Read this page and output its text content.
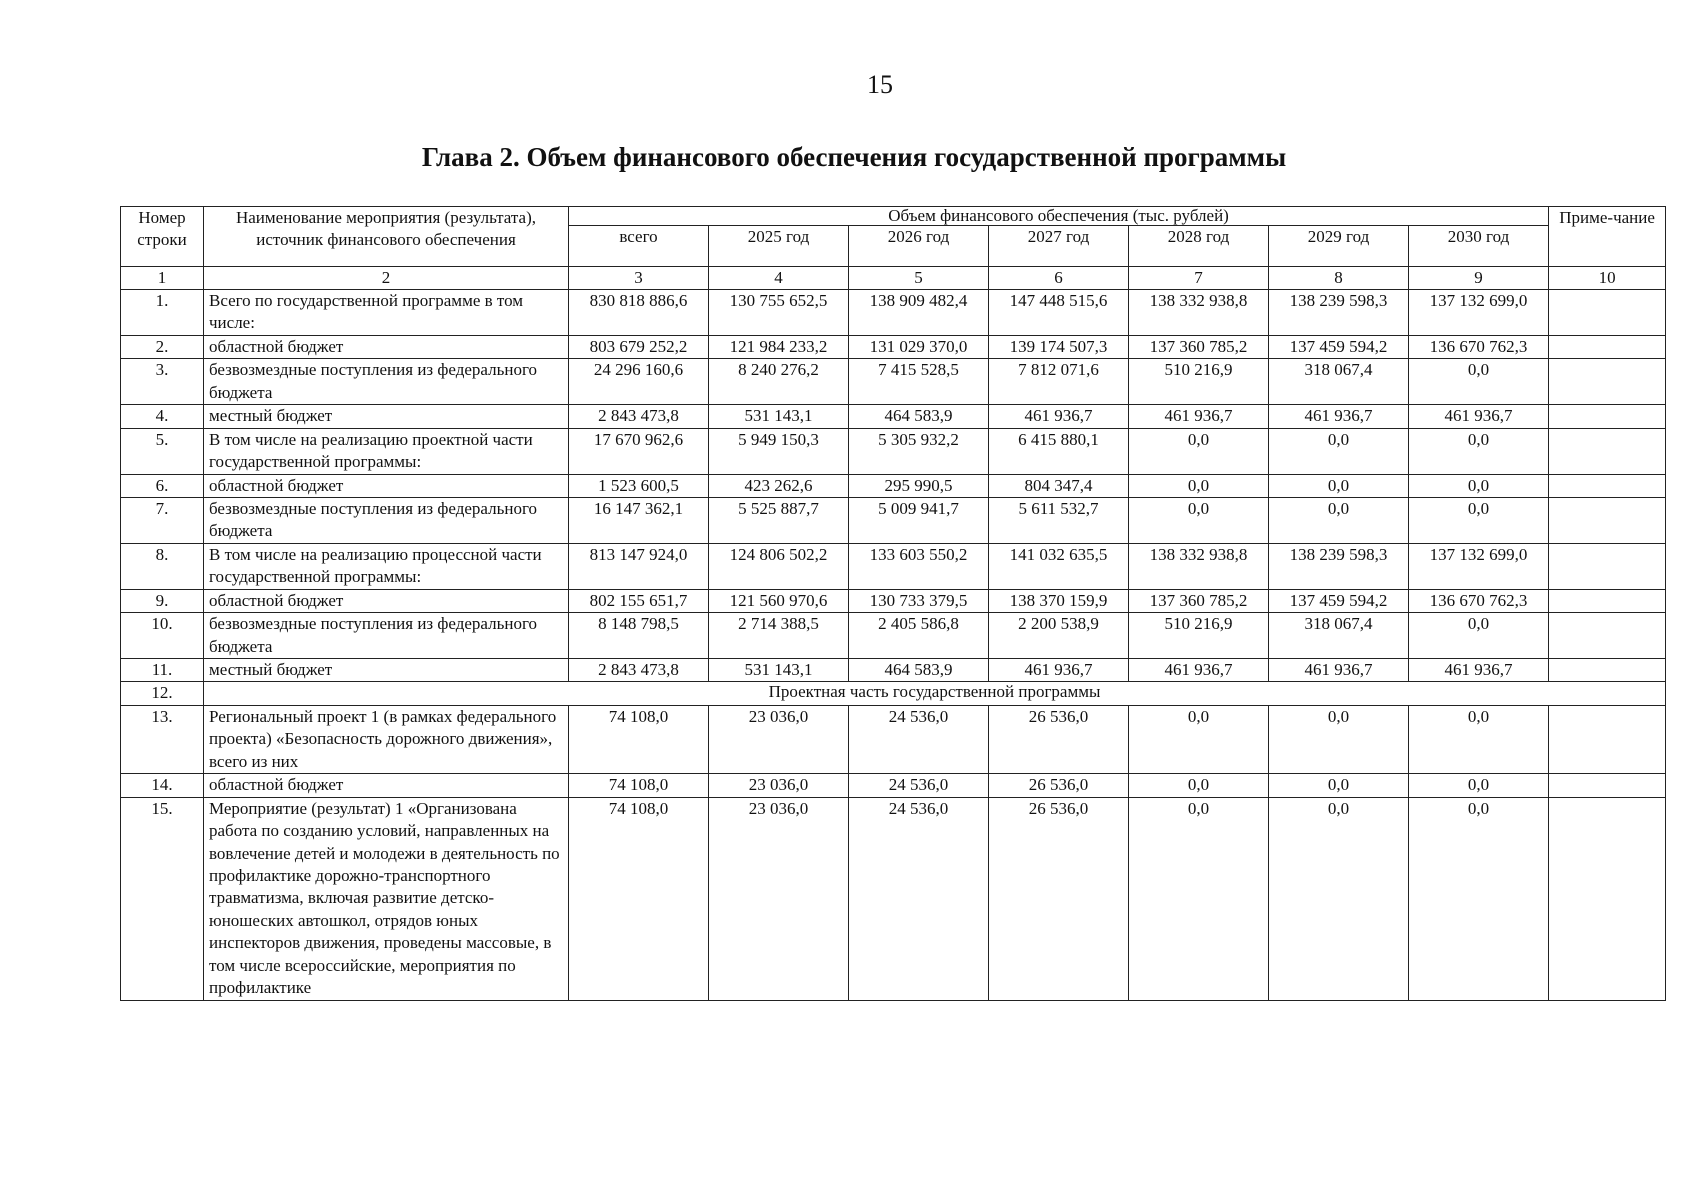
15
Глава 2. Объем финансового обеспечения государственной программы
Номер строки	Наименование мероприятия (результата), источник финансового обеспечения	Объем финансового обеспечения (тыс. рублей)							Приме-чание
		всего	2025 год	2026 год	2027 год	2028 год	2029 год	2030 год	
1	2	3	4	5	6	7	8	9	10
1.	Всего по государственной программе в том числе:	830 818 886,6	130 755 652,5	138 909 482,4	147 448 515,6	138 332 938,8	138 239 598,3	137 132 699,0	
2.	областной бюджет	803 679 252,2	121 984 233,2	131 029 370,0	139 174 507,3	137 360 785,2	137 459 594,2	136 670 762,3	
3.	безвозмездные поступления из федерального бюджета	24 296 160,6	8 240 276,2	7 415 528,5	7 812 071,6	510 216,9	318 067,4	0,0	
4.	местный бюджет	2 843 473,8	531 143,1	464 583,9	461 936,7	461 936,7	461 936,7	461 936,7	
5.	В том числе на реализацию проектной части государственной программы:	17 670 962,6	5 949 150,3	5 305 932,2	6 415 880,1	0,0	0,0	0,0	
6.	областной бюджет	1 523 600,5	423 262,6	295 990,5	804 347,4	0,0	0,0	0,0	
7.	безвозмездные поступления из федерального бюджета	16 147 362,1	5 525 887,7	5 009 941,7	5 611 532,7	0,0	0,0	0,0	
8.	В том числе на реализацию процессной части государственной программы:	813 147 924,0	124 806 502,2	133 603 550,2	141 032 635,5	138 332 938,8	138 239 598,3	137 132 699,0	
9.	областной бюджет	802 155 651,7	121 560 970,6	130 733 379,5	138 370 159,9	137 360 785,2	137 459 594,2	136 670 762,3	
10.	безвозмездные поступления из федерального бюджета	8 148 798,5	2 714 388,5	2 405 586,8	2 200 538,9	510 216,9	318 067,4	0,0	
11.	местный бюджет	2 843 473,8	531 143,1	464 583,9	461 936,7	461 936,7	461 936,7	461 936,7	
12.	Проектная часть государственной программы								
13.	Региональный проект 1 (в рамках федерального проекта) «Безопасность дорожного движения», всего из них	74 108,0	23 036,0	24 536,0	26 536,0	0,0	0,0	0,0	
14.	областной бюджет	74 108,0	23 036,0	24 536,0	26 536,0	0,0	0,0	0,0	
15.	Мероприятие (результат) 1 «Организована работа по созданию условий, направленных на вовлечение детей и молодежи в деятельность по профилактике дорожно-транспортного травматизма, включая развитие детско-юношеских автошкол, отрядов юных инспекторов движения, проведены массовые, в том числе всероссийские, мероприятия по профилактике	74 108,0	23 036,0	24 536,0	26 536,0	0,0	0,0	0,0	
